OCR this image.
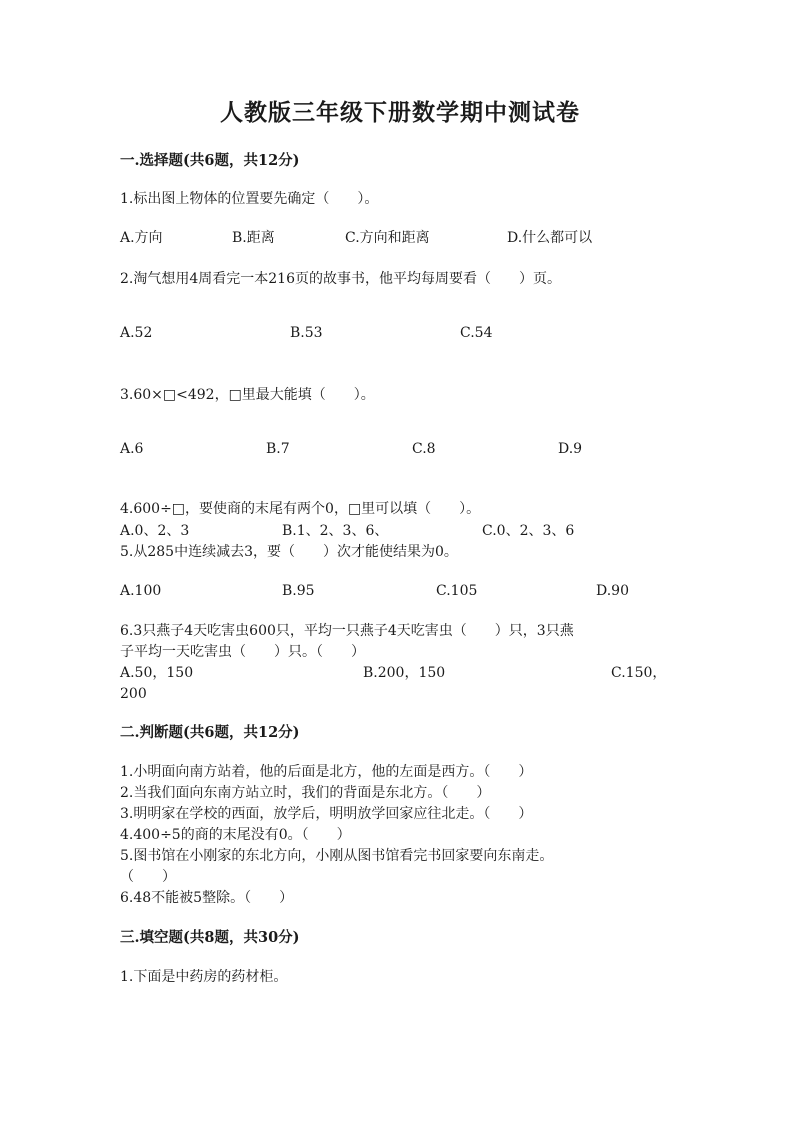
人教版三年级下册数学期中测试卷
一.选择题(共6题，共12分)
1.标出图上物体的位置要先确定（　　）。
A.方向	B.距离	C.方向和距离	D.什么都可以
2.淘气想用4周看完一本216页的故事书，他平均每周要看（　　）页。
A.52	B.53	C.54
3.60×□<492，□里最大能填（　　）。
A.6	B.7	C.8	D.9
4.600÷□，要使商的末尾有两个0，□里可以填（　　）。
A.0、2、3	B.1、2、3、6、	C.0、2、3、6
5.从285中连续减去3，要（　　）次才能使结果为0。
A.100	B.95	C.105	D.90
6.3只燕子4天吃害虫600只，平均一只燕子4天吃害虫（　　）只，3只燕
子平均一天吃害虫（　　）只。（　　）
A.50，150	B.200，150	C.150，
200
二.判断题(共6题，共12分)
1.小明面向南方站着，他的后面是北方，他的左面是西方。（　　）
2.当我们面向东南方站立时，我们的背面是东北方。（　　）
3.明明家在学校的西面，放学后，明明放学回家应往北走。（　　）
4.400÷5的商的末尾没有0。（　　）
5.图书馆在小刚家的东北方向，小刚从图书馆看完书回家要向东南走。
（　　）
6.48不能被5整除。（　　）
三.填空题(共8题，共30分)
1.下面是中药房的药材柜。
